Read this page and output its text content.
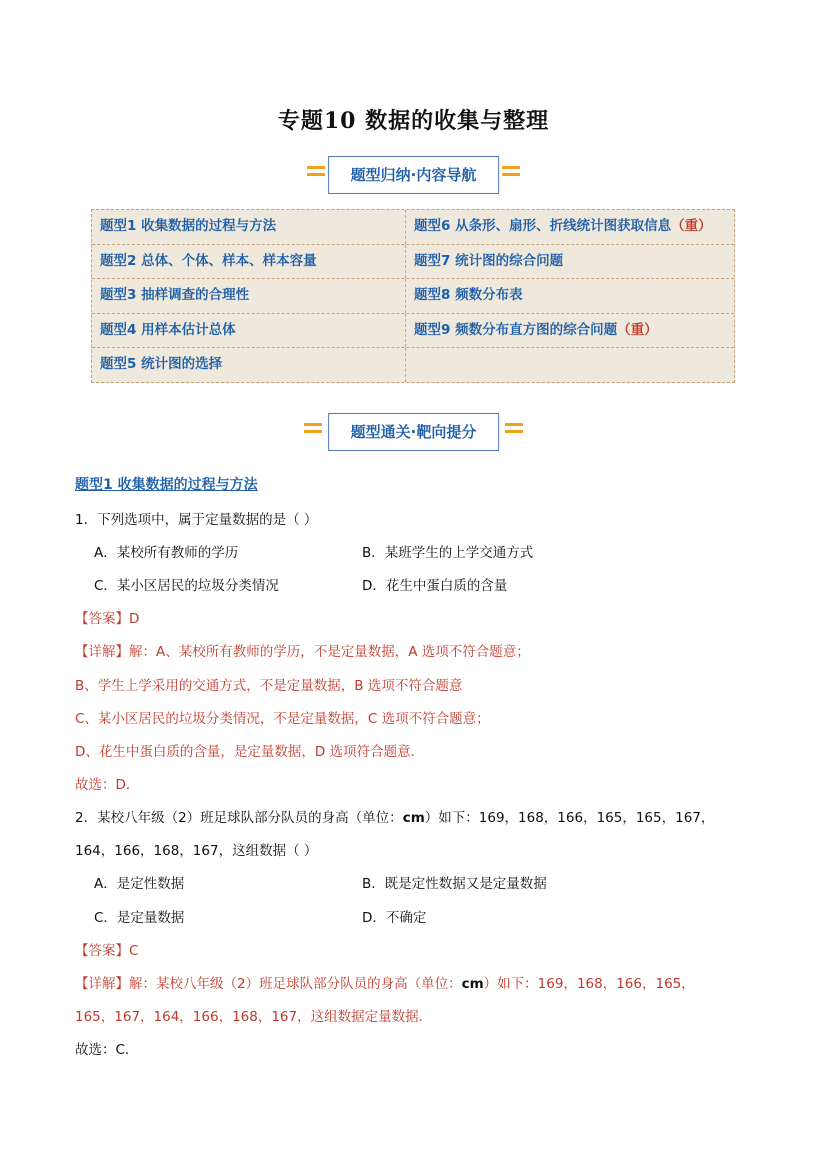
专题10 数据的收集与整理
题型归纳·内容导航
题型1 收集数据的过程与方法	题型6 从条形、扇形、折线统计图获取信息（重）
题型2 总体、个体、样本、样本容量	题型7 统计图的综合问题
题型3 抽样调查的合理性	题型8 频数分布表
题型4 用样本估计总体	题型9 频数分布直方图的综合问题（重）
题型5 统计图的选择
题型通关·靶向提分
题型1 收集数据的过程与方法
1．下列选项中，属于定量数据的是（ ）
A．某校所有教师的学历	B．某班学生的上学交通方式
C．某小区居民的垃圾分类情况	D．花生中蛋白质的含量
【答案】D
【详解】解：A、某校所有教师的学历，不是定量数据，A 选项不符合题意；
B、学生上学采用的交通方式，不是定量数据，B 选项不符合题意
C、某小区居民的垃圾分类情况，不是定量数据，C 选项不符合题意；
D、花生中蛋白质的含量，是定量数据，D 选项符合题意．
故选：D．
2．某校八年级（2）班足球队部分队员的身高（单位：cm）如下：169，168，166，165，165，167，
164，166，168，167，这组数据（ ）
A．是定性数据	B．既是定性数据又是定量数据
C．是定量数据	D．不确定
【答案】C
【详解】解：某校八年级（2）班足球队部分队员的身高（单位：cm）如下：169，168，166，165，
165，167，164，166，168，167，这组数据定量数据．
故选：C．
